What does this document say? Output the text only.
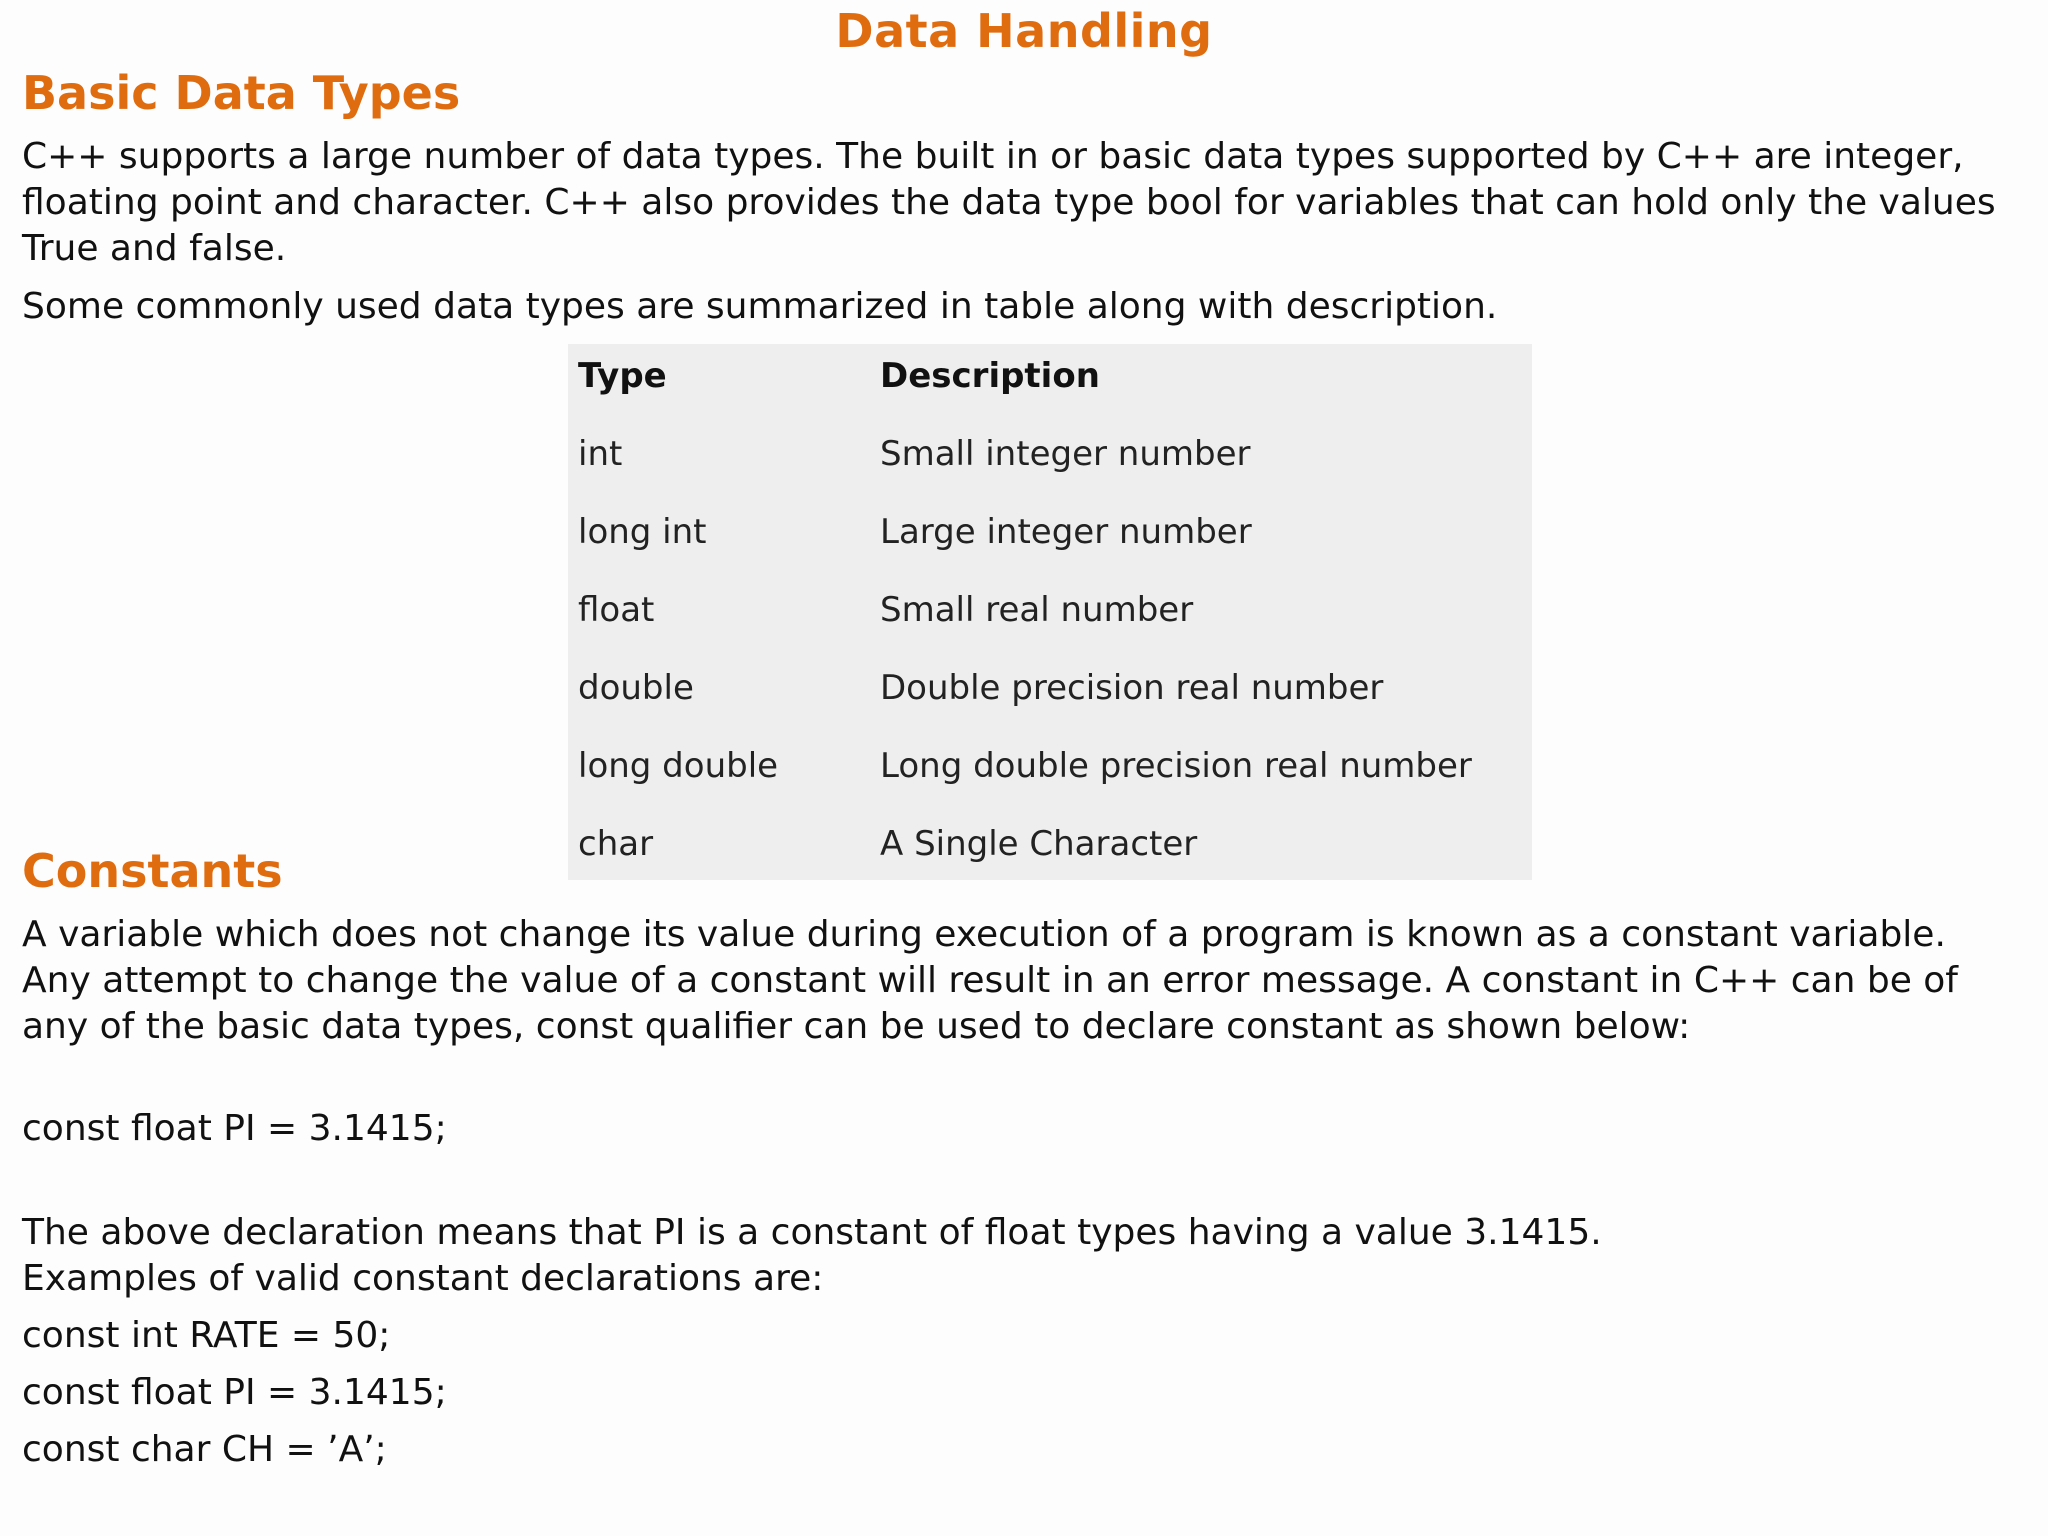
Data Handling
Basic Data Types

C++ supports a large number of data types. The built in or basic data types supported by C++ are integer, floating point and character. C++ also provides the data type bool for variables that can hold only the values True and false.

Some commonly used data types are summarized in table along with description.

Type	Description
int	Small integer number
long int	Large integer number
float	Small real number
double	Double precision real number
long double	Long double precision real number
char	A Single Character
Constants

A variable which does not change its value during execution of a program is known as a constant variable. Any attempt to change the value of a constant will result in an error message. A constant in C++ can be of any of the basic data types, const qualifier can be used to declare constant as shown below:

const float PI = 3.1415;

The above declaration means that PI is a constant of float types having a value 3.1415.

Examples of valid constant declarations are:

const int RATE = 50;

const float PI = 3.1415;

const char CH = ’A’;
